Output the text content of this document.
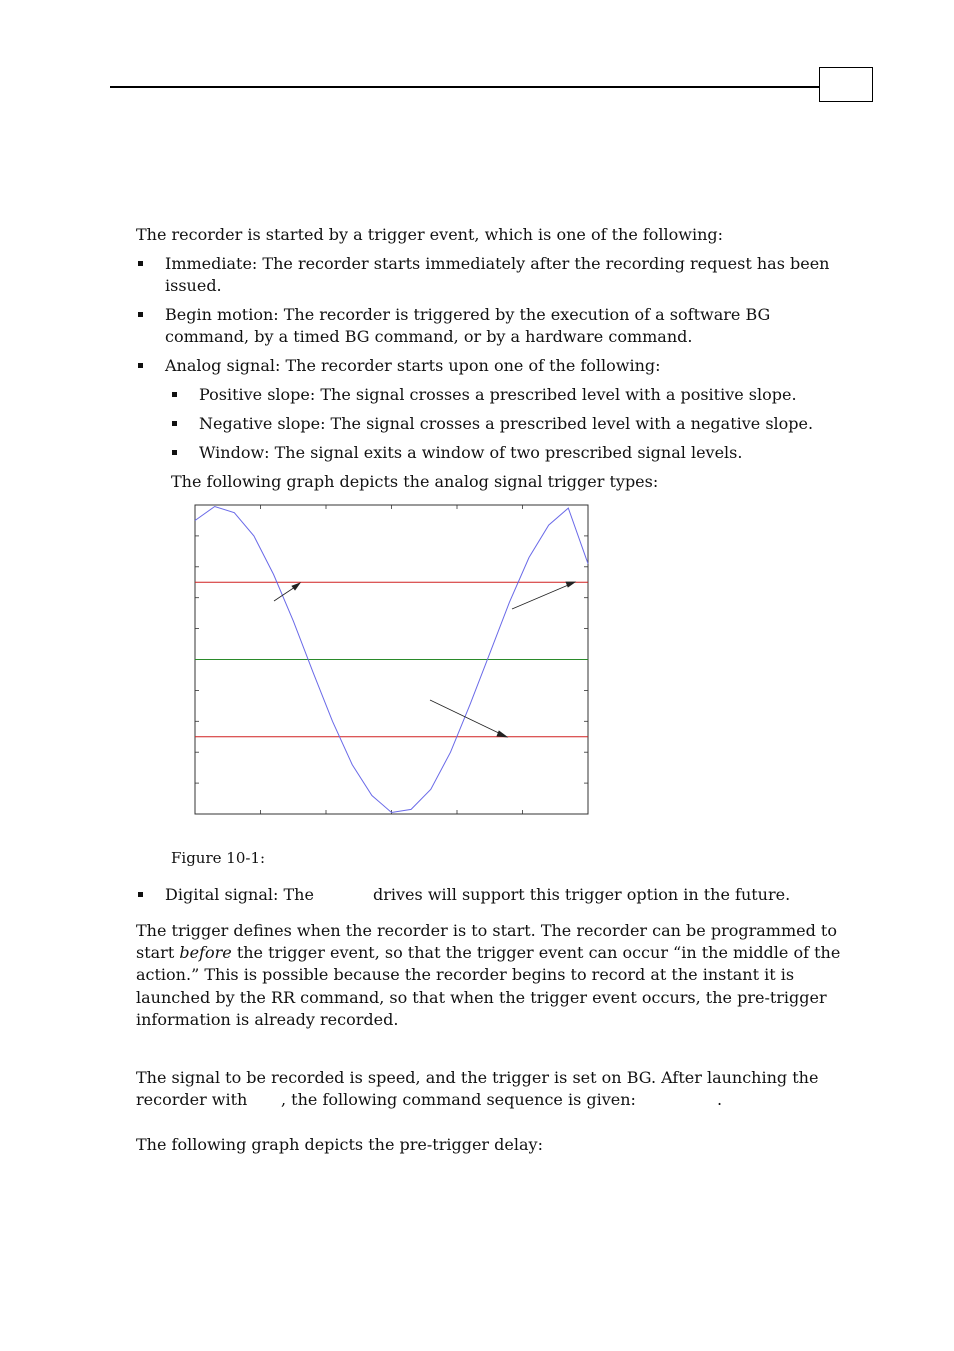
The recorder is started by a trigger event, which is one of the following:
Immediate: The recorder starts immediately after the recording request has been
issued.
Begin motion: The recorder is triggered by the execution of a software BG
command, by a timed BG command, or by a hardware command.
Analog signal: The recorder starts upon one of the following:
Positive slope: The signal crosses a prescribed level with a positive slope.
Negative slope: The signal crosses a prescribed level with a negative slope.
Window: The signal exits a window of two prescribed signal levels.
The following graph depicts the analog signal trigger types:
Figure 10-1:
Digital signal: The	drives will support this trigger option in the future.
The trigger defines when the recorder is to start. The recorder can be programmed to
start before the trigger event, so that the trigger event can occur “in the middle of the
action.” This is possible because the recorder begins to record at the instant it is
launched by the RR command, so that when the trigger event occurs, the pre-trigger
information is already recorded.
The signal to be recorded is speed, and the trigger is set on BG. After launching the
recorder with , the following command sequence is given:	.
The following graph depicts the pre-trigger delay:
